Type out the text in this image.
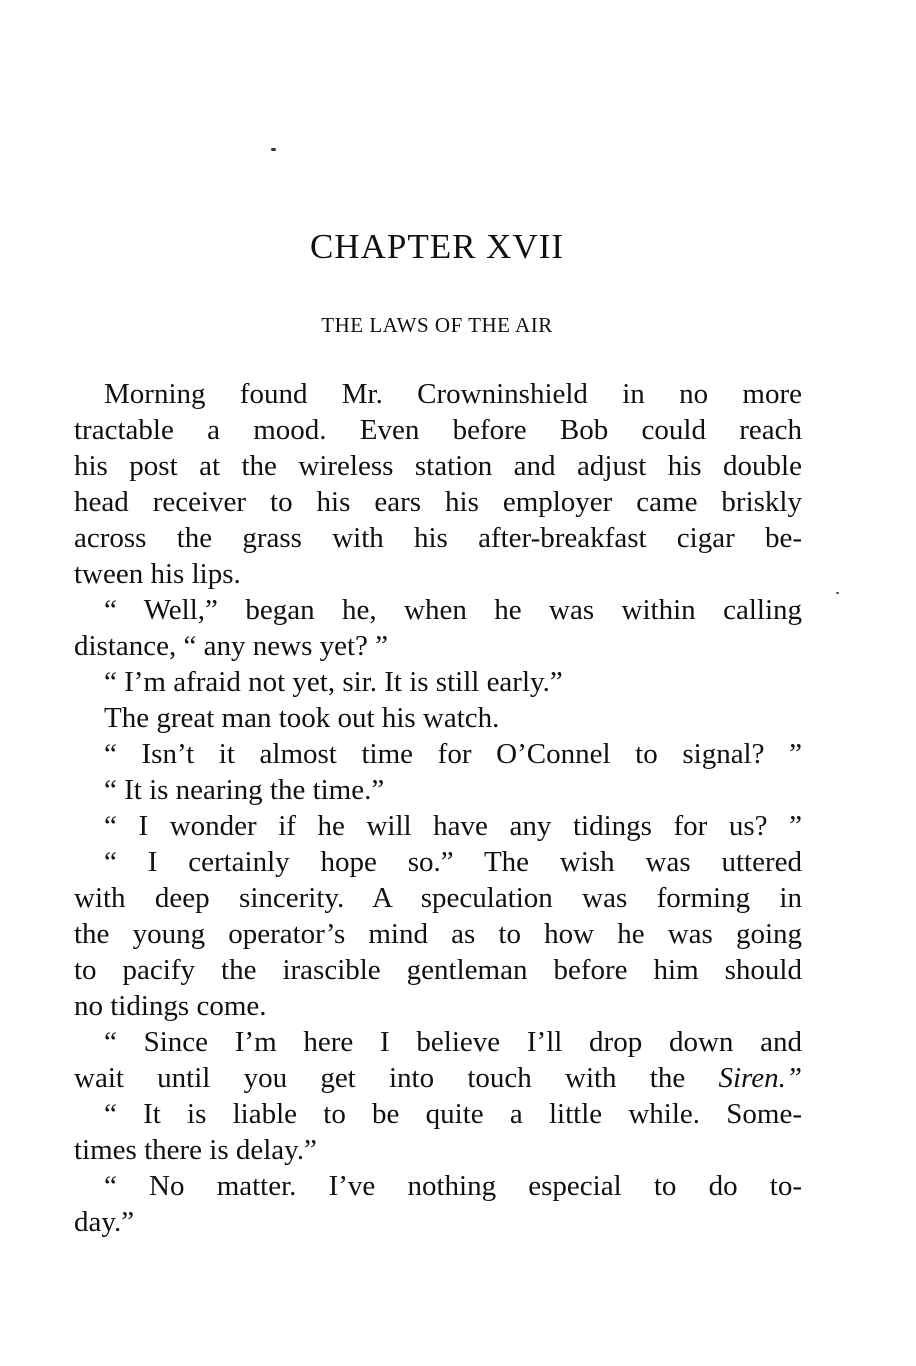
CHAPTER XVII
THE LAWS OF THE AIR
Morning found Mr. Crowninshield in no more
tractable a mood. Even before Bob could reach
his post at the wireless station and adjust his double
head receiver to his ears his employer came briskly
across the grass with his after-breakfast cigar be-
tween his lips.
“ Well,” began he, when he was within calling
distance, “ any news yet? ”
“ I’m afraid not yet, sir. It is still early.”
The great man took out his watch.
“ Isn’t it almost time for O’Connel to signal? ”
“ It is nearing the time.”
“ I wonder if he will have any tidings for us? ”
“ I certainly hope so.” The wish was uttered
with deep sincerity. A speculation was forming in
the young operator’s mind as to how he was going
to pacify the irascible gentleman before him should
no tidings come.
“ Since I’m here I believe I’ll drop down and
wait until you get into touch with the Siren.”
“ It is liable to be quite a little while. Some-
times there is delay.”
“ No matter. I’ve nothing especial to do to-
day.”
